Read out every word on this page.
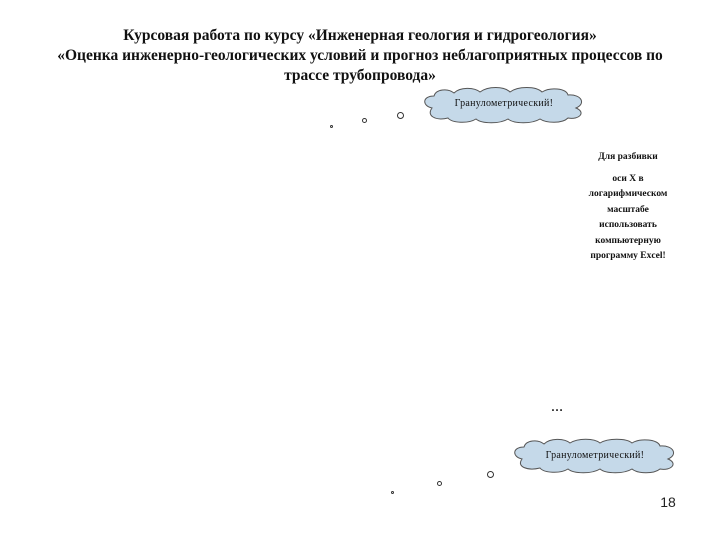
Курсовая работа по курсу «Инженерная геология и гидрогеология»
«Оценка инженерно-геологических условий и прогноз неблагоприятных процессов по
трассе трубопровода»
Гранулометрический!
Для разбивки
оси Х в
логарифмическом
масштабе
использовать
компьютерную
программу Excel!
…
Гранулометрический!
18
